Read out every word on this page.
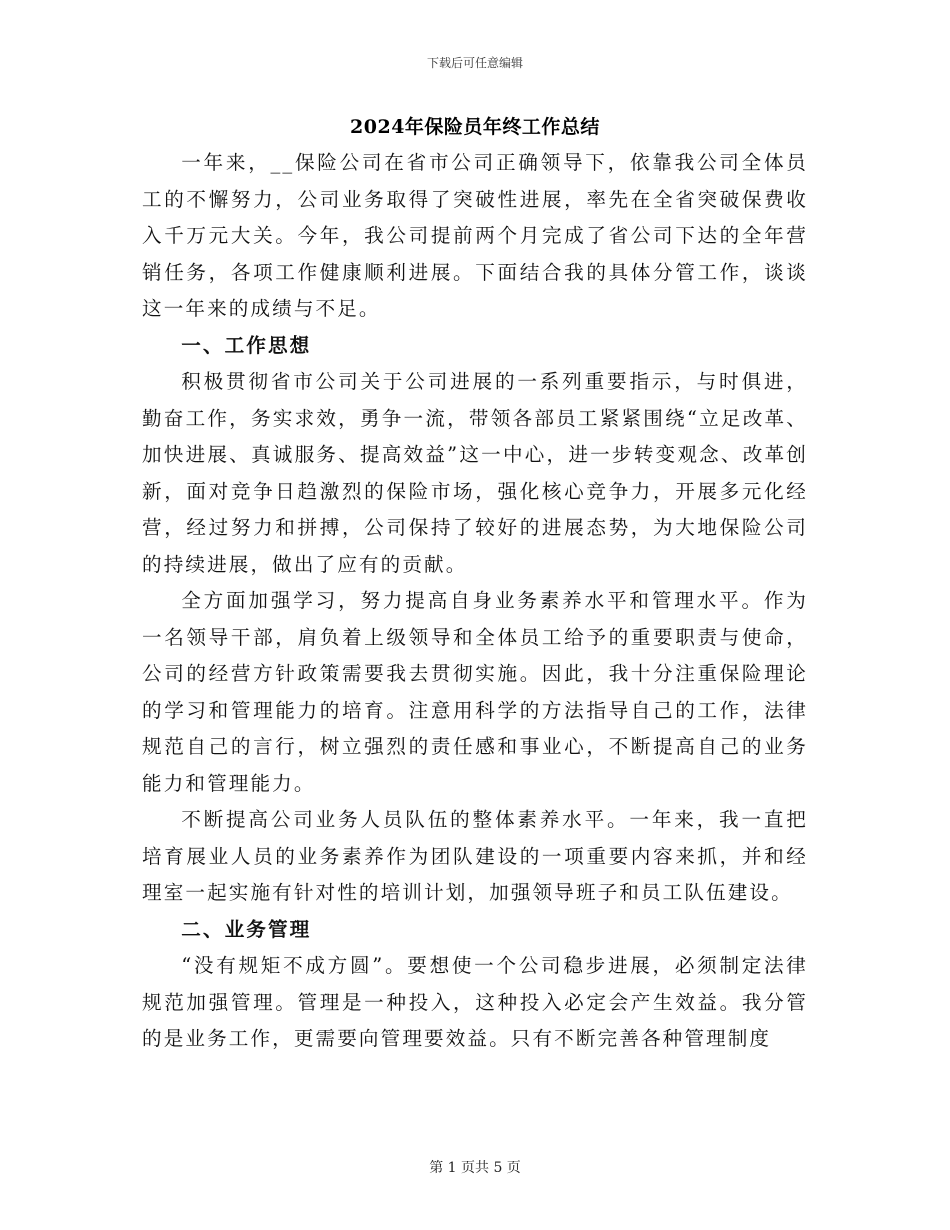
下载后可任意编辑
2024年保险员年终工作总结

一年来，__保险公司在省市公司正确领导下，依靠我公司全体员工的不懈努力，公司业务取得了突破性进展，率先在全省突破保费收入千万元大关。今年，我公司提前两个月完成了省公司下达的全年营销任务，各项工作健康顺利进展。下面结合我的具体分管工作，谈谈这一年来的成绩与不足。

一、工作思想

积极贯彻省市公司关于公司进展的一系列重要指示，与时俱进，勤奋工作，务实求效，勇争一流，带领各部员工紧紧围绕“立足改革、加快进展、真诚服务、提高效益”这一中心，进一步转变观念、改革创新，面对竞争日趋激烈的保险市场，强化核心竞争力，开展多元化经营，经过努力和拼搏，公司保持了较好的进展态势，为大地保险公司的持续进展，做出了应有的贡献。

全方面加强学习，努力提高自身业务素养水平和管理水平。作为一名领导干部，肩负着上级领导和全体员工给予的重要职责与使命，公司的经营方针政策需要我去贯彻实施。因此，我十分注重保险理论的学习和管理能力的培育。注意用科学的方法指导自己的工作，法律规范自己的言行，树立强烈的责任感和事业心，不断提高自己的业务能力和管理能力。

不断提高公司业务人员队伍的整体素养水平。一年来，我一直把培育展业人员的业务素养作为团队建设的一项重要内容来抓，并和经理室一起实施有针对性的培训计划，加强领导班子和员工队伍建设。

二、业务管理

“没有规矩不成方圆”。要想使一个公司稳步进展，必须制定法律规范加强管理。管理是一种投入，这种投入必定会产生效益。我分管的是业务工作，更需要向管理要效益。只有不断完善各种管理制度

第 1 页共 5 页
